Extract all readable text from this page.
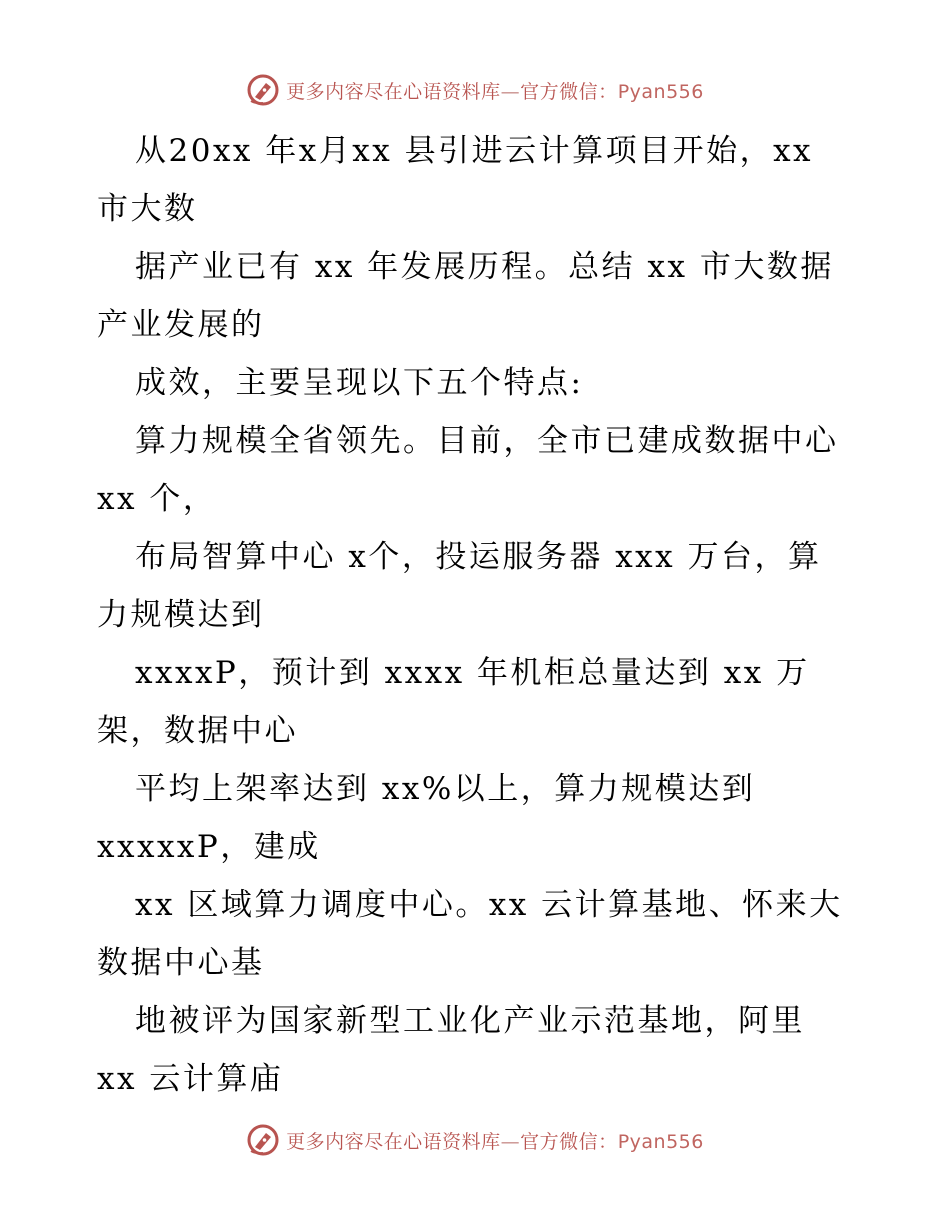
更多内容尽在心语资料库—官方微信：Pyan556
从20xx 年x月xx 县引进云计算项目开始，xx
市大数
据产业已有 xx 年发展历程。总结 xx 市大数据
产业发展的
成效，主要呈现以下五个特点:
算力规模全省领先。目前，全市已建成数据中心
xx 个，
布局智算中心 x个，投运服务器 xxx 万台，算
力规模达到
xxxxP，预计到 xxxx 年机柜总量达到 xx 万
架，数据中心
平均上架率达到 xx%以上，算力规模达到
xxxxxP，建成
xx 区域算力调度中心。xx 云计算基地、怀来大
数据中心基
地被评为国家新型工业化产业示范基地，阿里
xx 云计算庙
更多内容尽在心语资料库—官方微信：Pyan556
